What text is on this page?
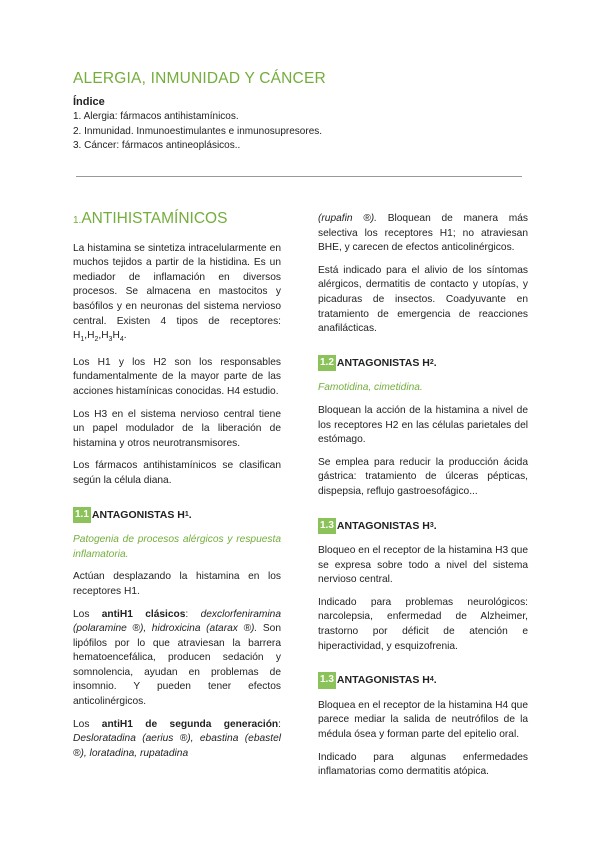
ALERGIA, INMUNIDAD Y CÁNCER
Índice
1. Alergia: fármacos antihistamínicos.
2. Inmunidad. Inmunoestimulantes e inmunosupresores.
3. Cáncer: fármacos antineoplásicos..
1.ANTIHISTAMÍNICOS

La histamina se sintetiza intracelularmente en muchos tejidos a partir de la histidina. Es un mediador de inflamación en diversos procesos. Se almacena en mastocitos y basófilos y en neuronas del sistema nervioso central. Existen 4 tipos de receptores: $H_1,H_2,H_3H_4$.

Los H1 y los H2 son los responsables fundamentalmente de la mayor parte de las acciones histamínicas conocidas. H4 estudio.

Los H3 en el sistema nervioso central tiene un papel modulador de la liberación de histamina y otros neurotransmisores.

Los fármacos antihistamínicos se clasifican según la célula diana.

1.1 ANTAGONISTAS H 1 .

Patogenia de procesos alérgicos y respuesta inflamatoria.

Actúan desplazando la histamina en los receptores H1.

Los antiH1 clásicos: dexclorfeniramina (polaramine ®), hidroxicina (atarax ®). Son lipófilos por lo que atraviesan la barrera hematoencefálica, producen sedación y somnolencia, ayudan en problemas de insomnio. Y pueden tener efectos anticolinérgicos.

Los antiH1 de segunda generación: Desloratadina (aerius ®), ebastina (ebastel ®), loratadina, rupatadina

(rupafin ®). Bloquean de manera más selectiva los receptores H1; no atraviesan BHE, y carecen de efectos anticolinérgicos.

Está indicado para el alivio de los síntomas alérgicos, dermatitis de contacto y utopías, y picaduras de insectos. Coadyuvante en tratamiento de emergencia de reacciones anafilácticas.

1.2 ANTAGONISTAS H 2 .

Famotidina, cimetidina.

Bloquean la acción de la histamina a nivel de los receptores H2 en las células parietales del estómago.

Se emplea para reducir la producción ácida gástrica: tratamiento de úlceras pépticas, dispepsia, reflujo gastroesofágico...

1.3 ANTAGONISTAS H 3 .

Bloqueo en el receptor de la histamina H3 que se expresa sobre todo a nivel del sistema nervioso central.

Indicado para problemas neurológicos: narcolepsia, enfermedad de Alzheimer, trastorno por déficit de atención e hiperactividad, y esquizofrenia.

1.3 ANTAGONISTAS H 4 .

Bloquea en el receptor de la histamina H4 que parece mediar la salida de neutrófilos de la médula ósea y forman parte del epitelio oral.

Indicado para algunas enfermedades inflamatorias como dermatitis atópica.
